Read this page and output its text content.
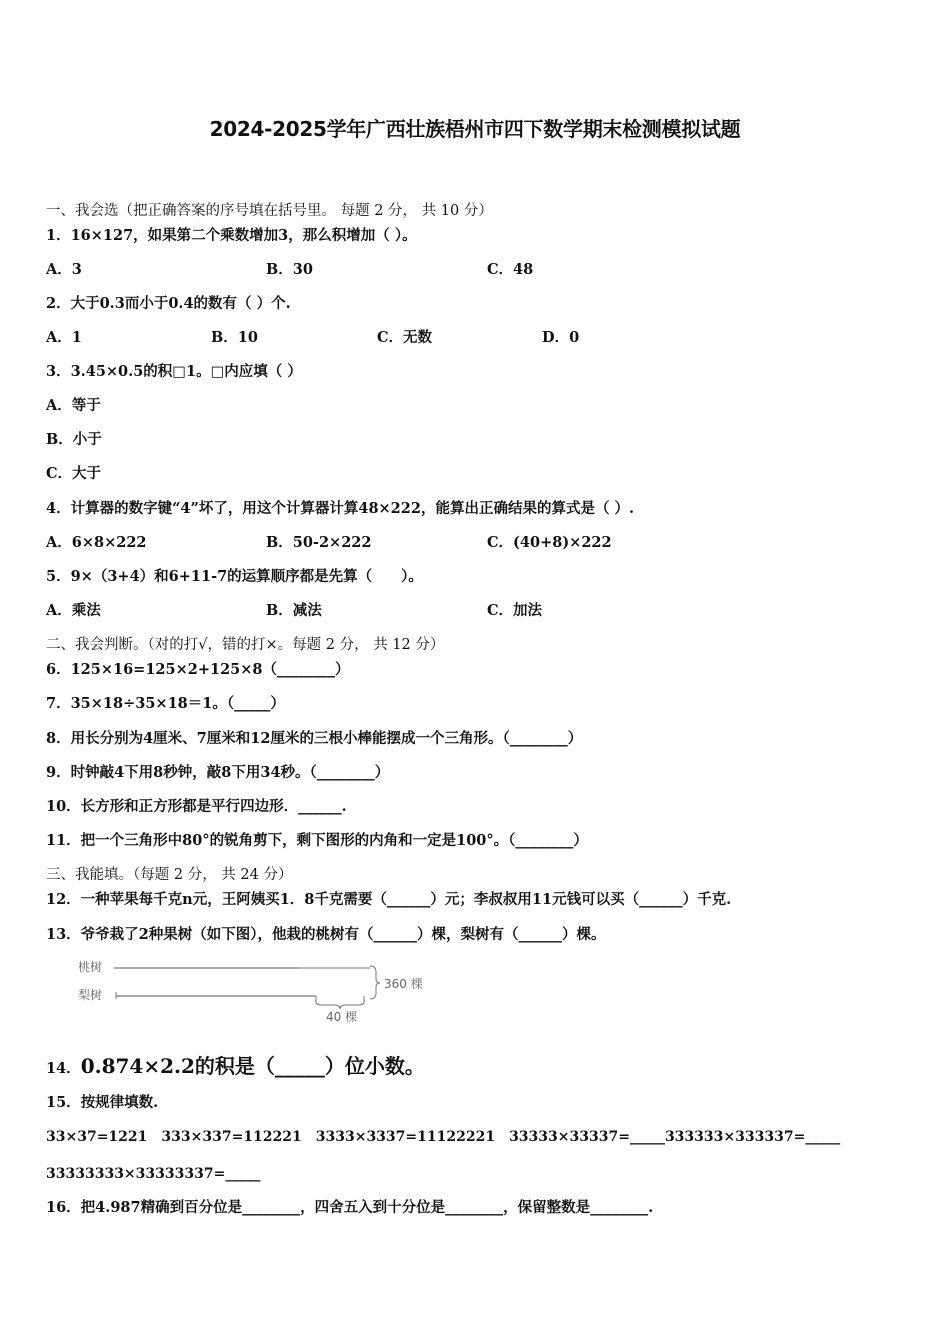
2024-2025学年广西壮族梧州市四下数学期末检测模拟试题
一、我会选（把正确答案的序号填在括号里。 每题 2 分， 共 10 分）
1．16×127，如果第二个乘数增加3，那么积增加（ ）。
A．3	B．30	C．48
2．大于0.3而小于0.4的数有（ ）个.
A．1	B．10	C．无数	D．0
3．3.45×0.5的积□1。□内应填（ ）
A．等于
B．小于
C．大于
4．计算器的数字键“4”坏了，用这个计算器计算48×222，能算出正确结果的算式是（ ）.
A．6×8×222	B．50-2×222	C．(40+8)×222
5．9×（3+4）和6+11-7的运算顺序都是先算（　　）。
A．乘法	B．减法	C．加法
二、我会判断。（对的打√，错的打×。每题 2 分， 共 12 分）
6．125×16=125×2+125×8（________）
7．35×18÷35×18＝1。（_____）
8．用长分别为4厘米、7厘米和12厘米的三根小棒能摆成一个三角形。（________）
9．时钟敲4下用8秒钟，敲8下用34秒。（________）
10．长方形和正方形都是平行四边形．______.
11．把一个三角形中80°的锐角剪下，剩下图形的内角和一定是100°。（________）
三、我能填。（每题 2 分， 共 24 分）
12．一种苹果每千克n元，王阿姨买1．8千克需要（______）元；李叔叔用11元钱可以买（______）千克.
13．爷爷栽了2种果树（如下图），他栽的桃树有（______）棵，梨树有（______）棵。
桃树
梨树
360 棵
40 棵
14．0.874×2.2的积是（_____）位小数。
15．按规律填数.
33×37=1221　333×337=112221　3333×3337=11122221　33333×33337=_____333333×333337=_____
33333333×33333337=_____
16．把4.987精确到百分位是________，四舍五入到十分位是________，保留整数是________.
